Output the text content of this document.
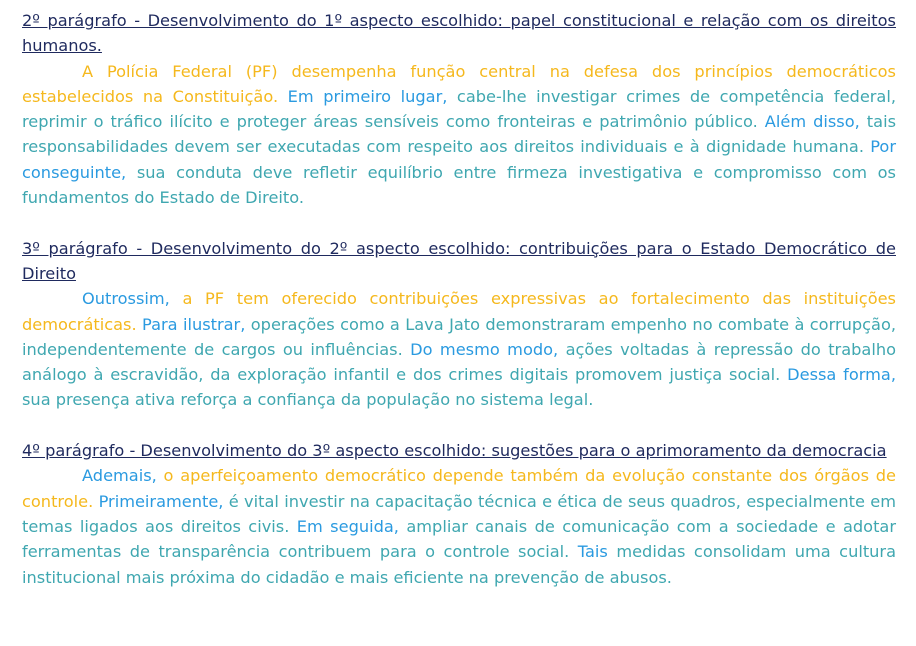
2º parágrafo - Desenvolvimento do 1º aspecto escolhido: papel constitucional e relação com os direitos humanos.

A Polícia Federal (PF) desempenha função central na defesa dos princípios democráticos estabelecidos na Constituição. Em primeiro lugar, cabe-lhe investigar crimes de competência federal, reprimir o tráfico ilícito e proteger áreas sensíveis como fronteiras e patrimônio público. Além disso, tais responsabilidades devem ser executadas com respeito aos direitos individuais e à dignidade humana. Por conseguinte, sua conduta deve refletir equilíbrio entre firmeza investigativa e compromisso com os fundamentos do Estado de Direito.

3º parágrafo - Desenvolvimento do 2º aspecto escolhido: contribuições para o Estado Democrático de Direito

Outrossim, a PF tem oferecido contribuições expressivas ao fortalecimento das instituições democráticas. Para ilustrar, operações como a Lava Jato demonstraram empenho no combate à corrupção, independentemente de cargos ou influências. Do mesmo modo, ações voltadas à repressão do trabalho análogo à escravidão, da exploração infantil e dos crimes digitais promovem justiça social. Dessa forma, sua presença ativa reforça a confiança da população no sistema legal.

4º parágrafo - Desenvolvimento do 3º aspecto escolhido: sugestões para o aprimoramento da democracia

Ademais, o aperfeiçoamento democrático depende também da evolução constante dos órgãos de controle. Primeiramente, é vital investir na capacitação técnica e ética de seus quadros, especialmente em temas ligados aos direitos civis. Em seguida, ampliar canais de comunicação com a sociedade e adotar ferramentas de transparência contribuem para o controle social. Tais medidas consolidam uma cultura institucional mais próxima do cidadão e mais eficiente na prevenção de abusos.
